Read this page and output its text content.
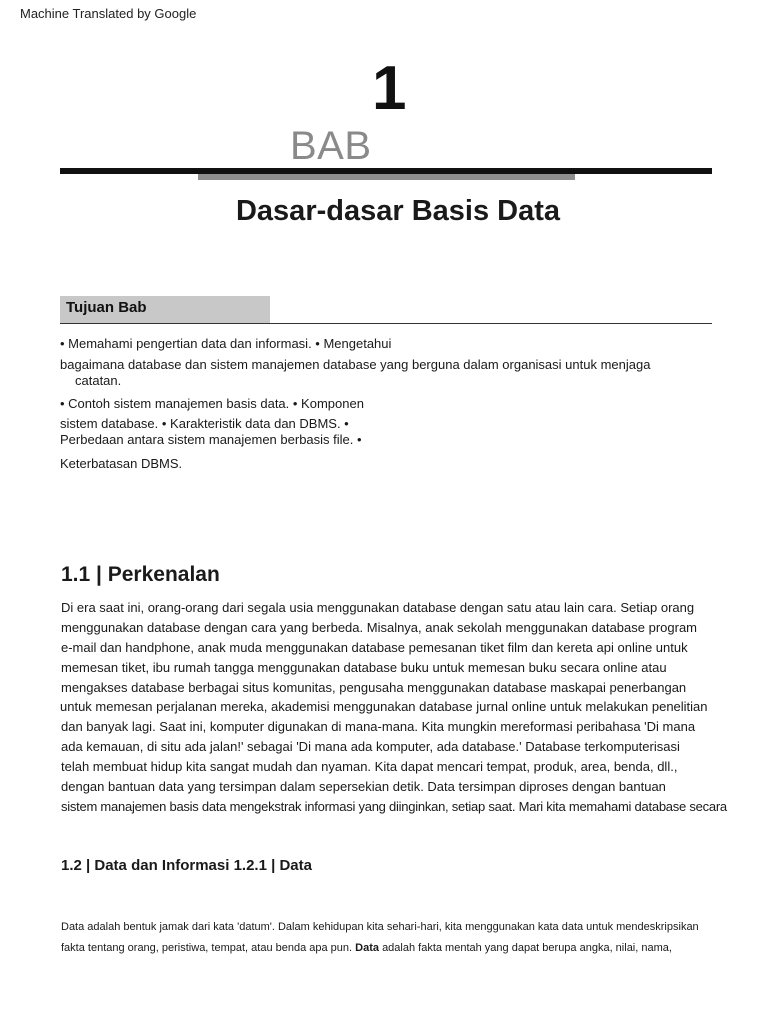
Machine Translated by Google
1
BAB
Dasar-dasar Basis Data
Tujuan Bab
• Memahami pengertian data dan informasi. • Mengetahui
bagaimana database dan sistem manajemen database yang berguna dalam organisasi untuk menjaga
catatan.
• Contoh sistem manajemen basis data. • Komponen
sistem database. • Karakteristik data dan DBMS. •
Perbedaan antara sistem manajemen berbasis file. •
Keterbatasan DBMS.
1.1 | Perkenalan
Di era saat ini, orang-orang dari segala usia menggunakan database dengan satu atau lain cara. Setiap orang
menggunakan database dengan cara yang berbeda. Misalnya, anak sekolah menggunakan database program
e-mail dan handphone, anak muda menggunakan database pemesanan tiket film dan kereta api online untuk
memesan tiket, ibu rumah tangga menggunakan database buku untuk memesan buku secara online atau
mengakses database berbagai situs komunitas, pengusaha menggunakan database maskapai penerbangan
untuk memesan perjalanan mereka, akademisi menggunakan database jurnal online untuk melakukan penelitian
dan banyak lagi. Saat ini, komputer digunakan di mana-mana. Kita mungkin mereformasi peribahasa 'Di mana
ada kemauan, di situ ada jalan!' sebagai 'Di mana ada komputer, ada database.' Database terkomputerisasi
telah membuat hidup kita sangat mudah dan nyaman. Kita dapat mencari tempat, produk, area, benda, dll.,
dengan bantuan data yang tersimpan dalam sepersekian detik. Data tersimpan diproses dengan bantuan
sistem manajemen basis data mengekstrak informasi yang diinginkan, setiap saat. Mari kita memahami database secara
1.2 | Data dan Informasi 1.2.1 | Data
Data adalah bentuk jamak dari kata 'datum'. Dalam kehidupan kita sehari-hari, kita menggunakan kata data untuk mendeskripsikan
fakta tentang orang, peristiwa, tempat, atau benda apa pun. Data adalah fakta mentah yang dapat berupa angka, nilai, nama,
